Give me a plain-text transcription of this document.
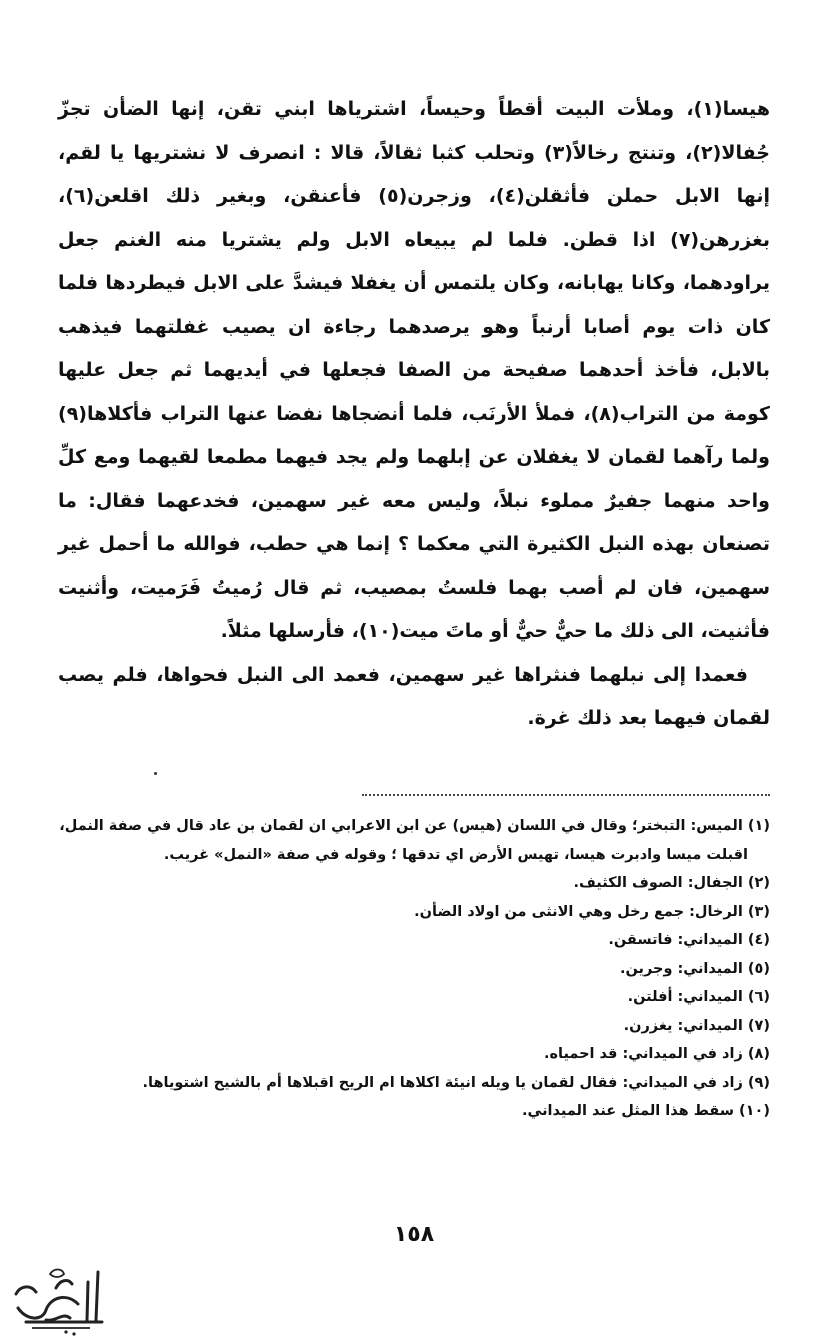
هيسا(١)، وملأت البيت أقطاً وحيساً، اشترياها ابني تقن، إنها الضأن تجزّ جُفالا(٢)، وتنتج رخالاً(٣) وتحلب كثبا ثقالاً، قالا : انصرف لا نشتريها يا لقم، إنها الابل حملن فأثقلن(٤)، وزجرن(٥) فأعنقن، وبغير ذلك اقلعن(٦)، بغزرهن(٧) اذا قطن. فلما لم يبيعاه الابل ولم يشتريا منه الغنم جعل يراودهما، وكانا يهابانه، وكان يلتمس أن يغفلا فيشدَّ على الابل فيطردها فلما كان ذات يوم أصابا أرنباً وهو يرصدهما رجاءة ان يصيب غفلتهما فيذهب بالابل، فأخذ أحدهما صفيحة من الصفا فجعلها في أيديهما ثم جعل عليها كومة من التراب(٨)، فملأ الأرنَب، فلما أنضجاها نفضا عنها التراب فأكلاها(٩) ولما رآهما لقمان لا يغفلان عن إبلهما ولم يجد فيهما مطمعا لقيهما ومع كلِّ واحد منهما جفيرٌ مملوء نبلاً، وليس معه غير سهمين، فخدعهما فقال: ما تصنعان بهذه النبل الكثيرة التي معكما ؟ إنما هي حطب، فوالله ما أحمل غير سهمين، فان لم أصب بهما فلستُ بمصيب، ثم قال رُميتُ فَرَميت، وأثنيت فأثنيت، الى ذلك ما حيٌّ حيٌّ أو ماتَ ميت(١٠)، فأرسلها مثلاً.

فعمدا إلى نبلهما فنثراها غير سهمين، فعمد الى النبل فحواها، فلم يصب لقمان فيهما بعد ذلك غرة.

(١) الميس: التبختر؛ وقال في اللسان (هيس) عن ابن الاعرابي ان لقمان بن عاد قال في صفة النمل،

اقبلت ميسا وادبرت هيسا، تهيس الأرض اي تدقها ؛ وقوله في صفة «النمل» غريب.

(٢) الجفال: الصوف الكثيف.

(٣) الرخال: جمع رخل وهي الانثى من اولاد الضأن.

(٤) الميداني: فاتسقن.

(٥) الميداني: وجرين.

(٦) الميداني: أفلتن.

(٧) الميداني: يغزرن.

(٨) زاد في الميداني: قد احمياه.

(٩) زاد في الميداني: فقال لقمان يا ويله انيئة اكلاها ام الريح اقبلاها أم بالشيح اشتوياها.

(١٠) سقط هذا المثل عند الميداني.

١٥٨
